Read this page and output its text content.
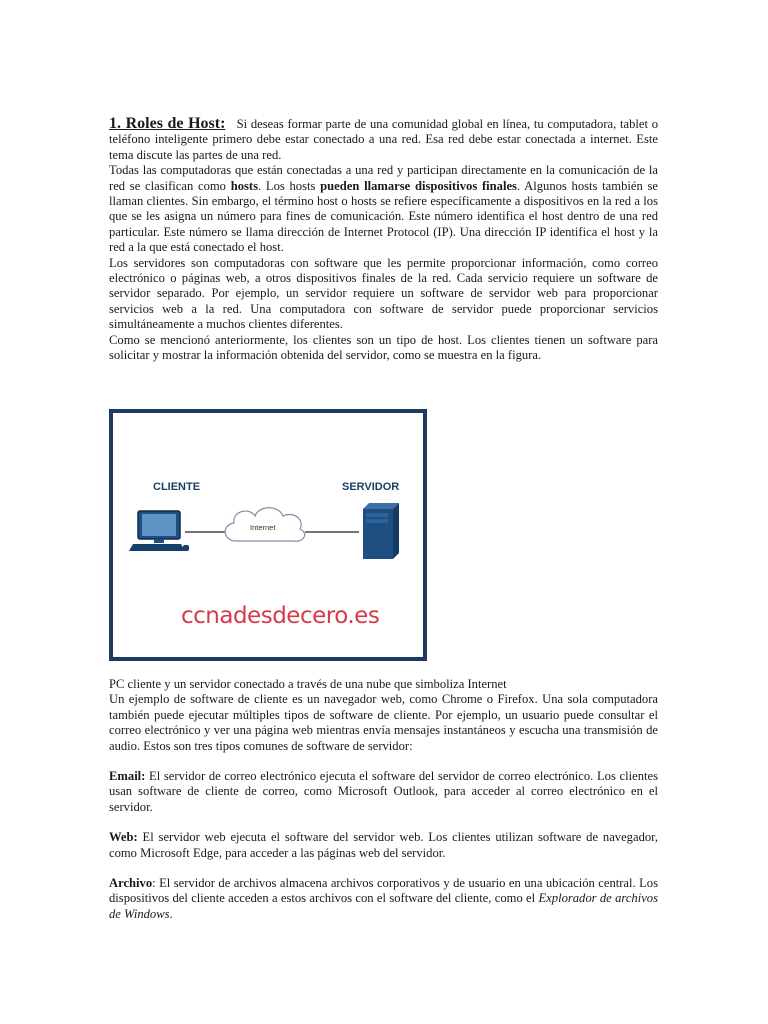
1. Roles de Host: Si deseas formar parte de una comunidad global en línea, tu computadora, tablet o teléfono inteligente primero debe estar conectado a una red. Esa red debe estar conectada a internet. Este tema discute las partes de una red.

Todas las computadoras que están conectadas a una red y participan directamente en la comunicación de la red se clasifican como hosts. Los hosts pueden llamarse dispositivos finales. Algunos hosts también se llaman clientes. Sin embargo, el término host o hosts se refiere específicamente a dispositivos en la red a los que se les asigna un número para fines de comunicación. Este número identifica el host dentro de una red particular. Este número se llama dirección de Internet Protocol (IP). Una dirección IP identifica el host y la red a la que está conectado el host.

Los servidores son computadoras con software que les permite proporcionar información, como correo electrónico o páginas web, a otros dispositivos finales de la red. Cada servicio requiere un software de servidor separado. Por ejemplo, un servidor requiere un software de servidor web para proporcionar servicios web a la red. Una computadora con software de servidor puede proporcionar servicios simultáneamente a muchos clientes diferentes.

Como se mencionó anteriormente, los clientes son un tipo de host. Los clientes tienen un software para solicitar y mostrar la información obtenida del servidor, como se muestra en la figura.

CLIENTE	SERVIDOR
Internet
ccnadesdecero.es

PC cliente y un servidor conectado a través de una nube que simboliza Internet

Un ejemplo de software de cliente es un navegador web, como Chrome o Firefox. Una sola computadora también puede ejecutar múltiples tipos de software de cliente. Por ejemplo, un usuario puede consultar el correo electrónico y ver una página web mientras envía mensajes instantáneos y escucha una transmisión de audio. Estos son tres tipos comunes de software de servidor:

Email: El servidor de correo electrónico ejecuta el software del servidor de correo electrónico. Los clientes usan software de cliente de correo, como Microsoft Outlook, para acceder al correo electrónico en el servidor.

Web: El servidor web ejecuta el software del servidor web. Los clientes utilizan software de navegador, como Microsoft Edge, para acceder a las páginas web del servidor.

Archivo: El servidor de archivos almacena archivos corporativos y de usuario en una ubicación central. Los dispositivos del cliente acceden a estos archivos con el software del cliente, como el Explorador de archivos de Windows.
